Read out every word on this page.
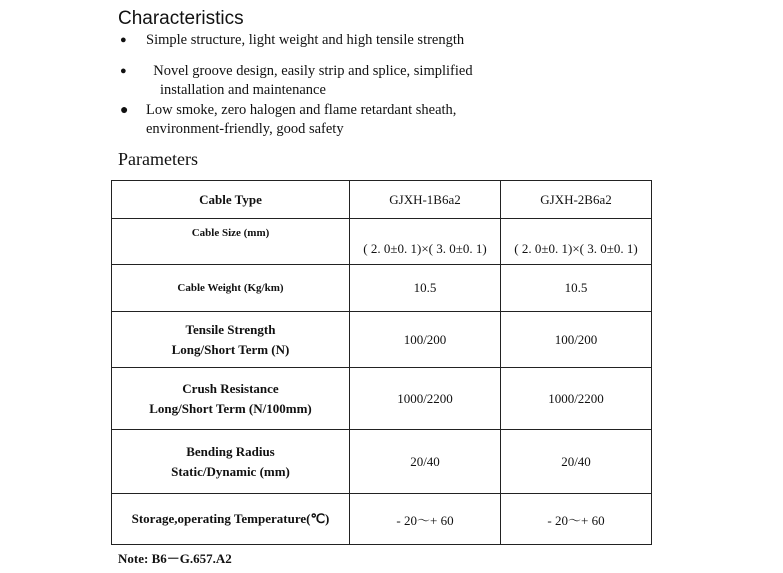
Characteristics
● Simple structure, light weight and high tensile strength
● Novel groove design, easily strip and splice, simplified
installation and maintenance
● Low smoke, zero halogen and flame retardant sheath,
environment-friendly, good safety
Parameters
Cable Type	GJXH-1B6a2	GJXH-2B6a2
Cable Size (mm)	( 2. 0±0. 1)×( 3. 0±0. 1)	( 2. 0±0. 1)×( 3. 0±0. 1)
Cable Weight (Kg/km)	10.5	10.5

Tensile Strength
Long/Short Term (N)	100/200	100/200

Crush Resistance
Long/Short Term (N/100mm)	1000/2200	1000/2200

Bending Radius
Static/Dynamic (mm)	20/40	20/40
Storage,operating Temperature(℃)	- 20～+ 60	- 20～+ 60
Note: B6－G.657.A2
